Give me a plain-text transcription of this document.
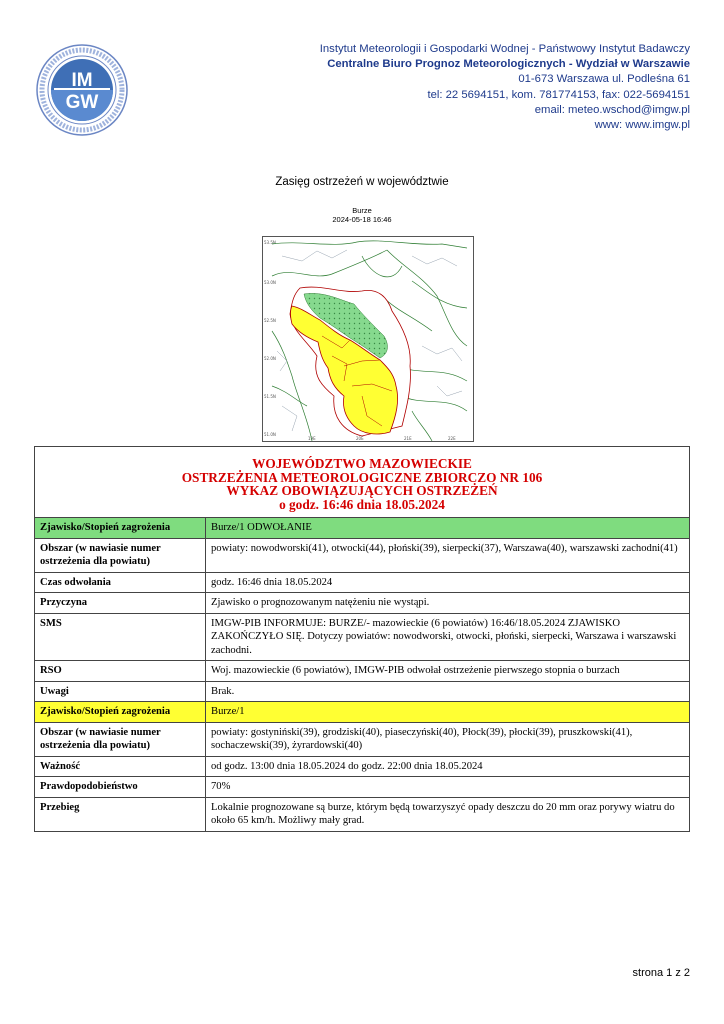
IM
GW
Instytut Meteorologii i Gospodarki Wodnej - Państwowy Instytut Badawczy
Centralne Biuro Prognoz Meteorologicznych - Wydział w Warszawie
01-673 Warszawa ul. Podleśna 61
tel: 22 5694151, kom. 781774153, fax: 022-5694151
email: meteo.wschod@imgw.pl
www: www.imgw.pl
Zasięg ostrzeżeń w województwie
Burze
2024-05-18 16:46
53.5N
53.0N
52.5N
52.0N
51.5N
51.0N
19E	20E	21E	22E
WOJEWÓDZTWO MAZOWIECKIE
OSTRZEŻENIA METEOROLOGICZNE ZBIORCZO NR 106
WYKAZ OBOWIĄZUJĄCYCH OSTRZEŻEŃ
o godz. 16:46 dnia 18.05.2024	

Zjawisko/Stopień zagrożenia	Burze/1 ODWOŁANIE
Obszar (w nawiasie numer ostrzeżenia dla powiatu)	powiaty: nowodworski(41), otwocki(44), płoński(39), sierpecki(37), Warszawa(40), warszawski zachodni(41)
Czas odwołania	godz. 16:46 dnia 18.05.2024
Przyczyna	Zjawisko o prognozowanym natężeniu nie wystąpi.
SMS	IMGW-PIB INFORMUJE: BURZE/- mazowieckie (6 powiatów) 16:46/18.05.2024 ZJAWISKO ZAKOŃCZYŁO SIĘ. Dotyczy powiatów: nowodworski, otwocki, płoński, sierpecki, Warszawa i warszawski zachodni.
RSO	Woj. mazowieckie (6 powiatów), IMGW-PIB odwołał ostrzeżenie pierwszego stopnia o burzach
Uwagi	Brak.
Zjawisko/Stopień zagrożenia	Burze/1
Obszar (w nawiasie numer ostrzeżenia dla powiatu)	powiaty: gostyniński(39), grodziski(40), piaseczyński(40), Płock(39), płocki(39), pruszkowski(41), sochaczewski(39), żyrardowski(40)
Ważność	od godz. 13:00 dnia 18.05.2024 do godz. 22:00 dnia 18.05.2024
Prawdopodobieństwo	70%
Przebieg	Lokalnie prognozowane są burze, którym będą towarzyszyć opady deszczu do 20 mm oraz porywy wiatru do około 65 km/h. Możliwy mały grad.
strona 1 z 2
